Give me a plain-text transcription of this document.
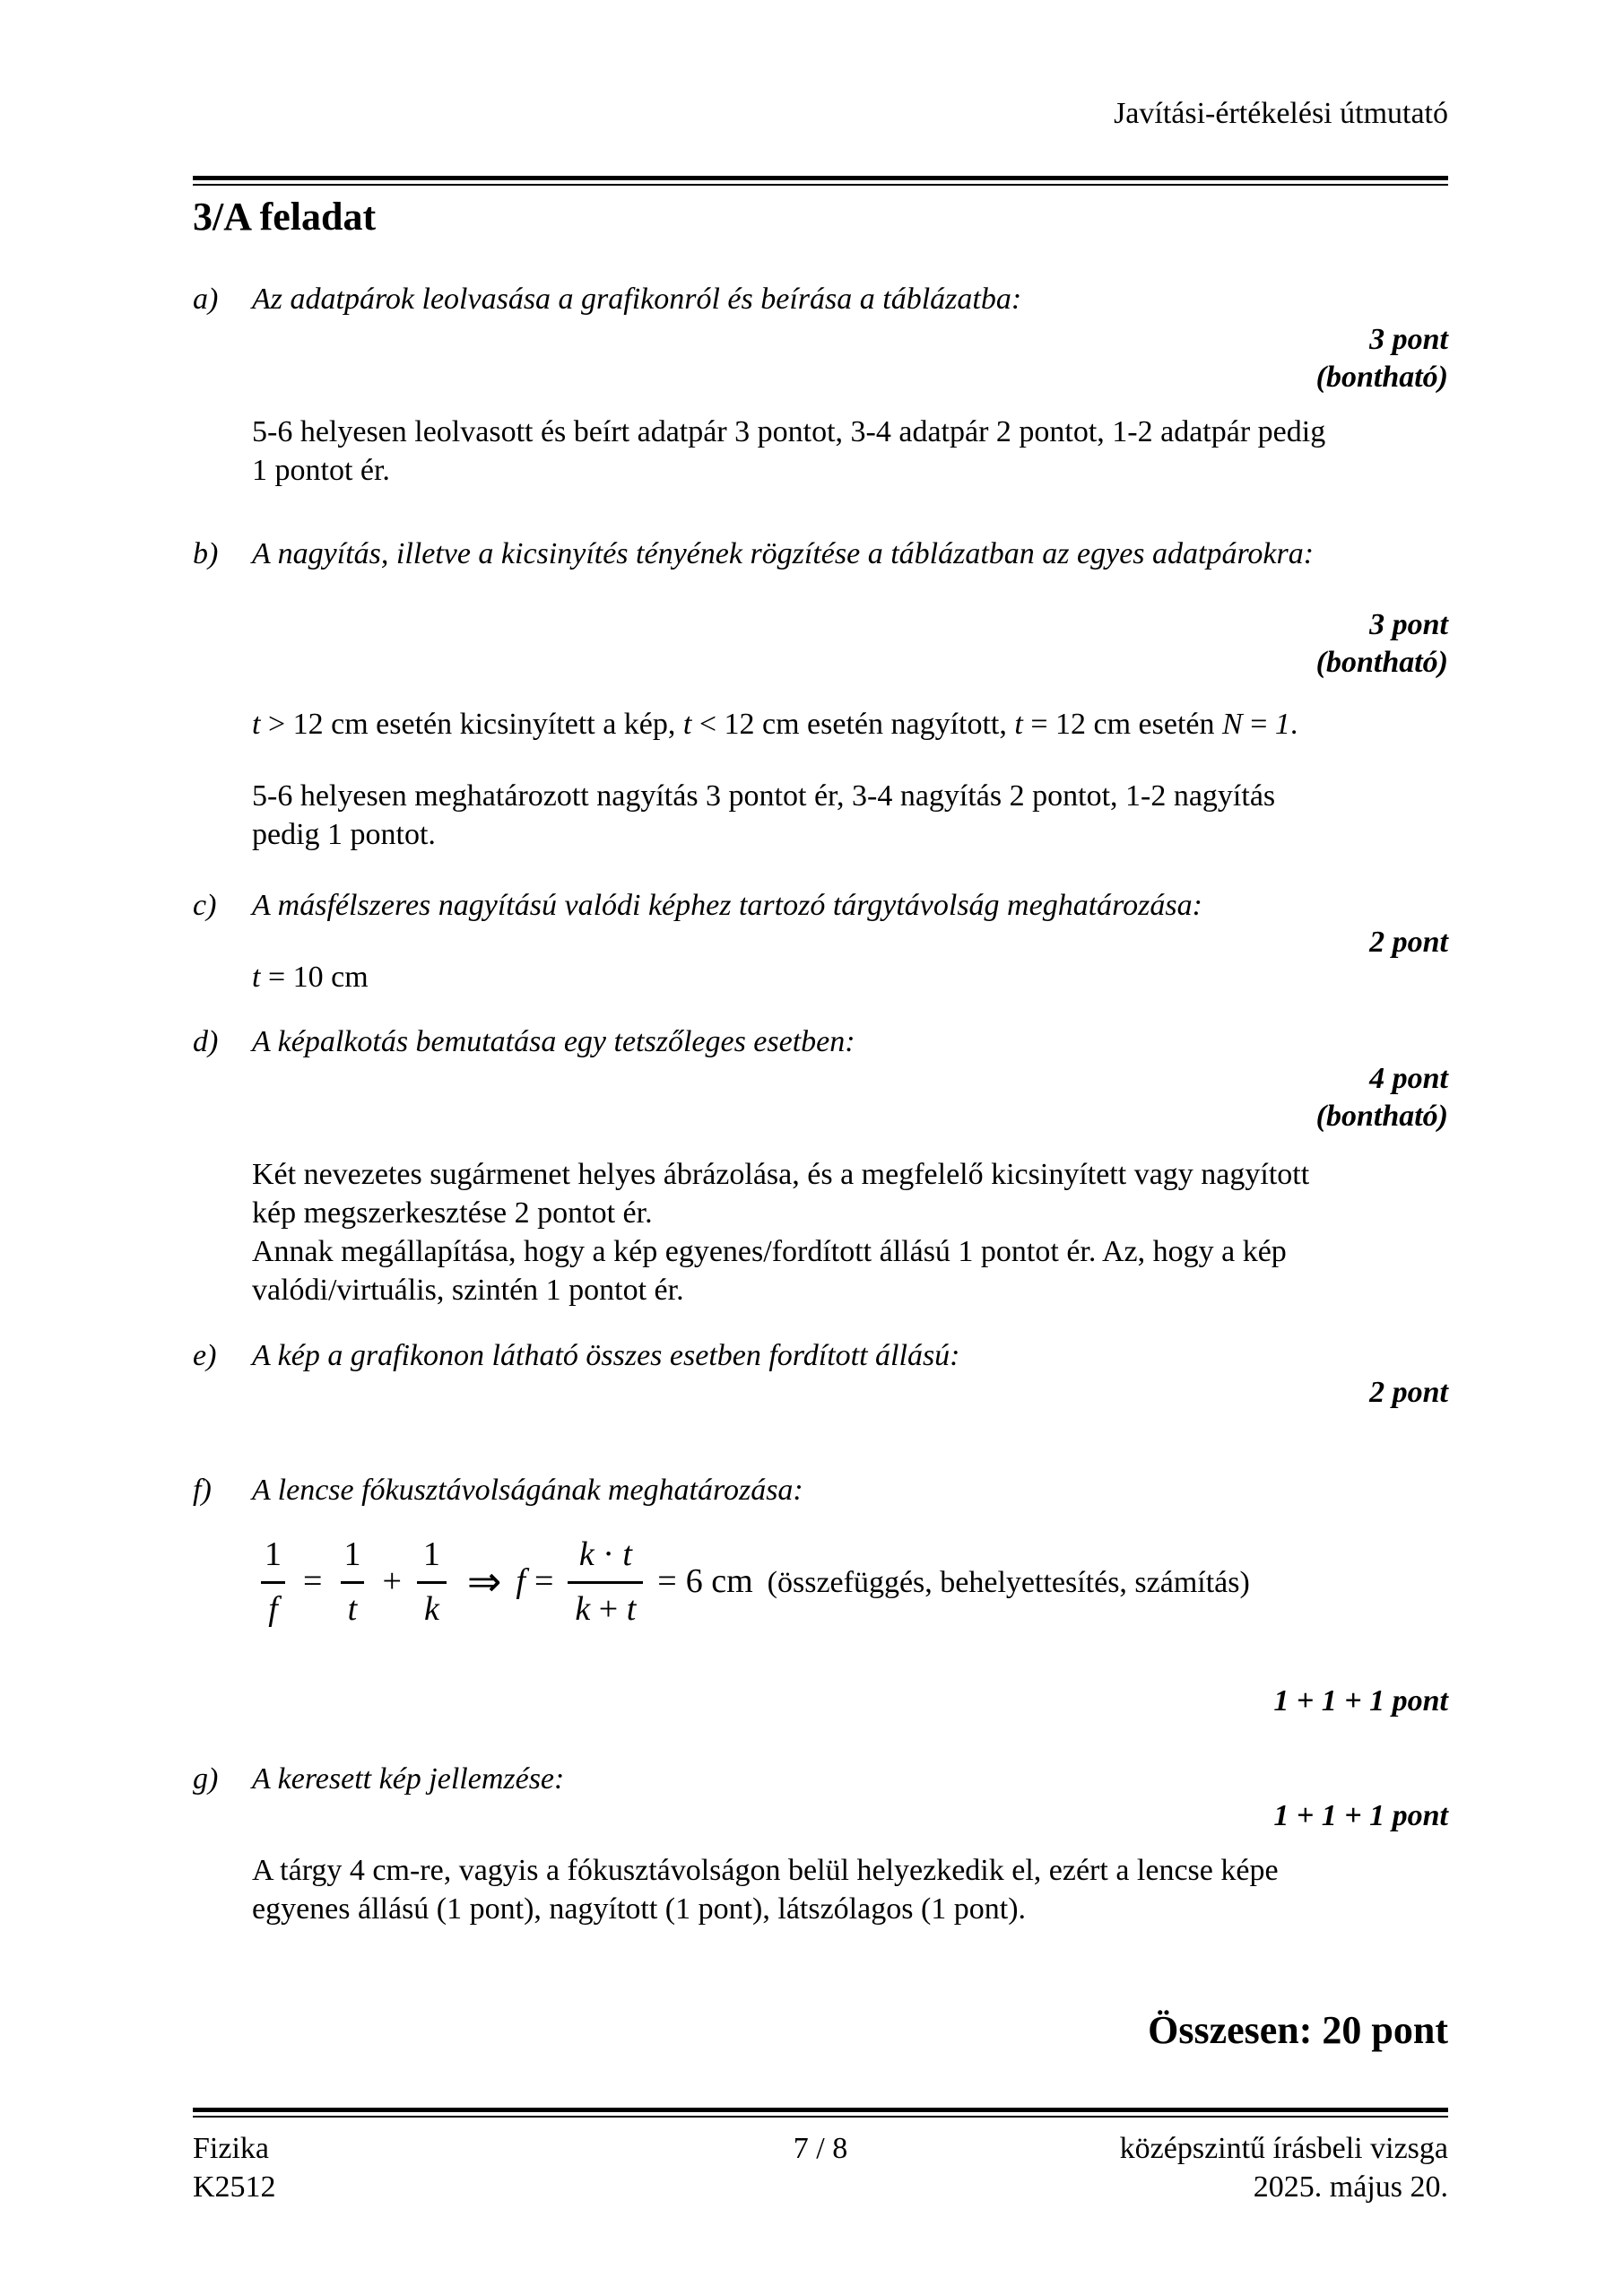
Javítási-értékelési útmutató
3/A feladat
a) Az adatpárok leolvasása a grafikonról és beírása a táblázatba:
3 pont
(bontható)
5-6 helyesen leolvasott és beírt adatpár 3 pontot, 3-4 adatpár 2 pontot, 1-2 adatpár pedig
1 pontot ér.
b) A nagyítás, illetve a kicsinyítés tényének rögzítése a táblázatban az egyes adatpárokra:
3 pont
(bontható)
t > 12 cm esetén kicsinyített a kép, t < 12 cm esetén nagyított, t = 12 cm esetén N = 1.
5-6 helyesen meghatározott nagyítás 3 pontot ér, 3-4 nagyítás 2 pontot, 1-2 nagyítás
pedig 1 pontot.
c) A másfélszeres nagyítású valódi képhez tartozó tárgytávolság meghatározása:
2 pont
t = 10 cm
d) A képalkotás bemutatása egy tetszőleges esetben:
4 pont
(bontható)
Két nevezetes sugármenet helyes ábrázolása, és a megfelelő kicsinyített vagy nagyított
kép megszerkesztése 2 pontot ér.
Annak megállapítása, hogy a kép egyenes/fordított állású 1 pontot ér. Az, hogy a kép
valódi/virtuális, szintén 1 pontot ér.
e) A kép a grafikonon látható összes esetben fordított állású:
2 pont
f) A lencse fókusztávolságának meghatározása:
$\frac{1}{f} = \frac{1}{t} + \frac{1}{k}$ ⇒ $f = \frac{k \cdot t}{k + t} = 6$ cm (összefüggés, behelyettesítés, számítás)
1 + 1 + 1 pont
g) A keresett kép jellemzése:
1 + 1 + 1 pont
A tárgy 4 cm-re, vagyis a fókusztávolságon belül helyezkedik el, ezért a lencse képe
egyenes állású (1 pont), nagyított (1 pont), látszólagos (1 pont).
Összesen: 20 pont
Fizika
K2512
7 / 8	középszintű írásbeli vizsga
2025. május 20.
